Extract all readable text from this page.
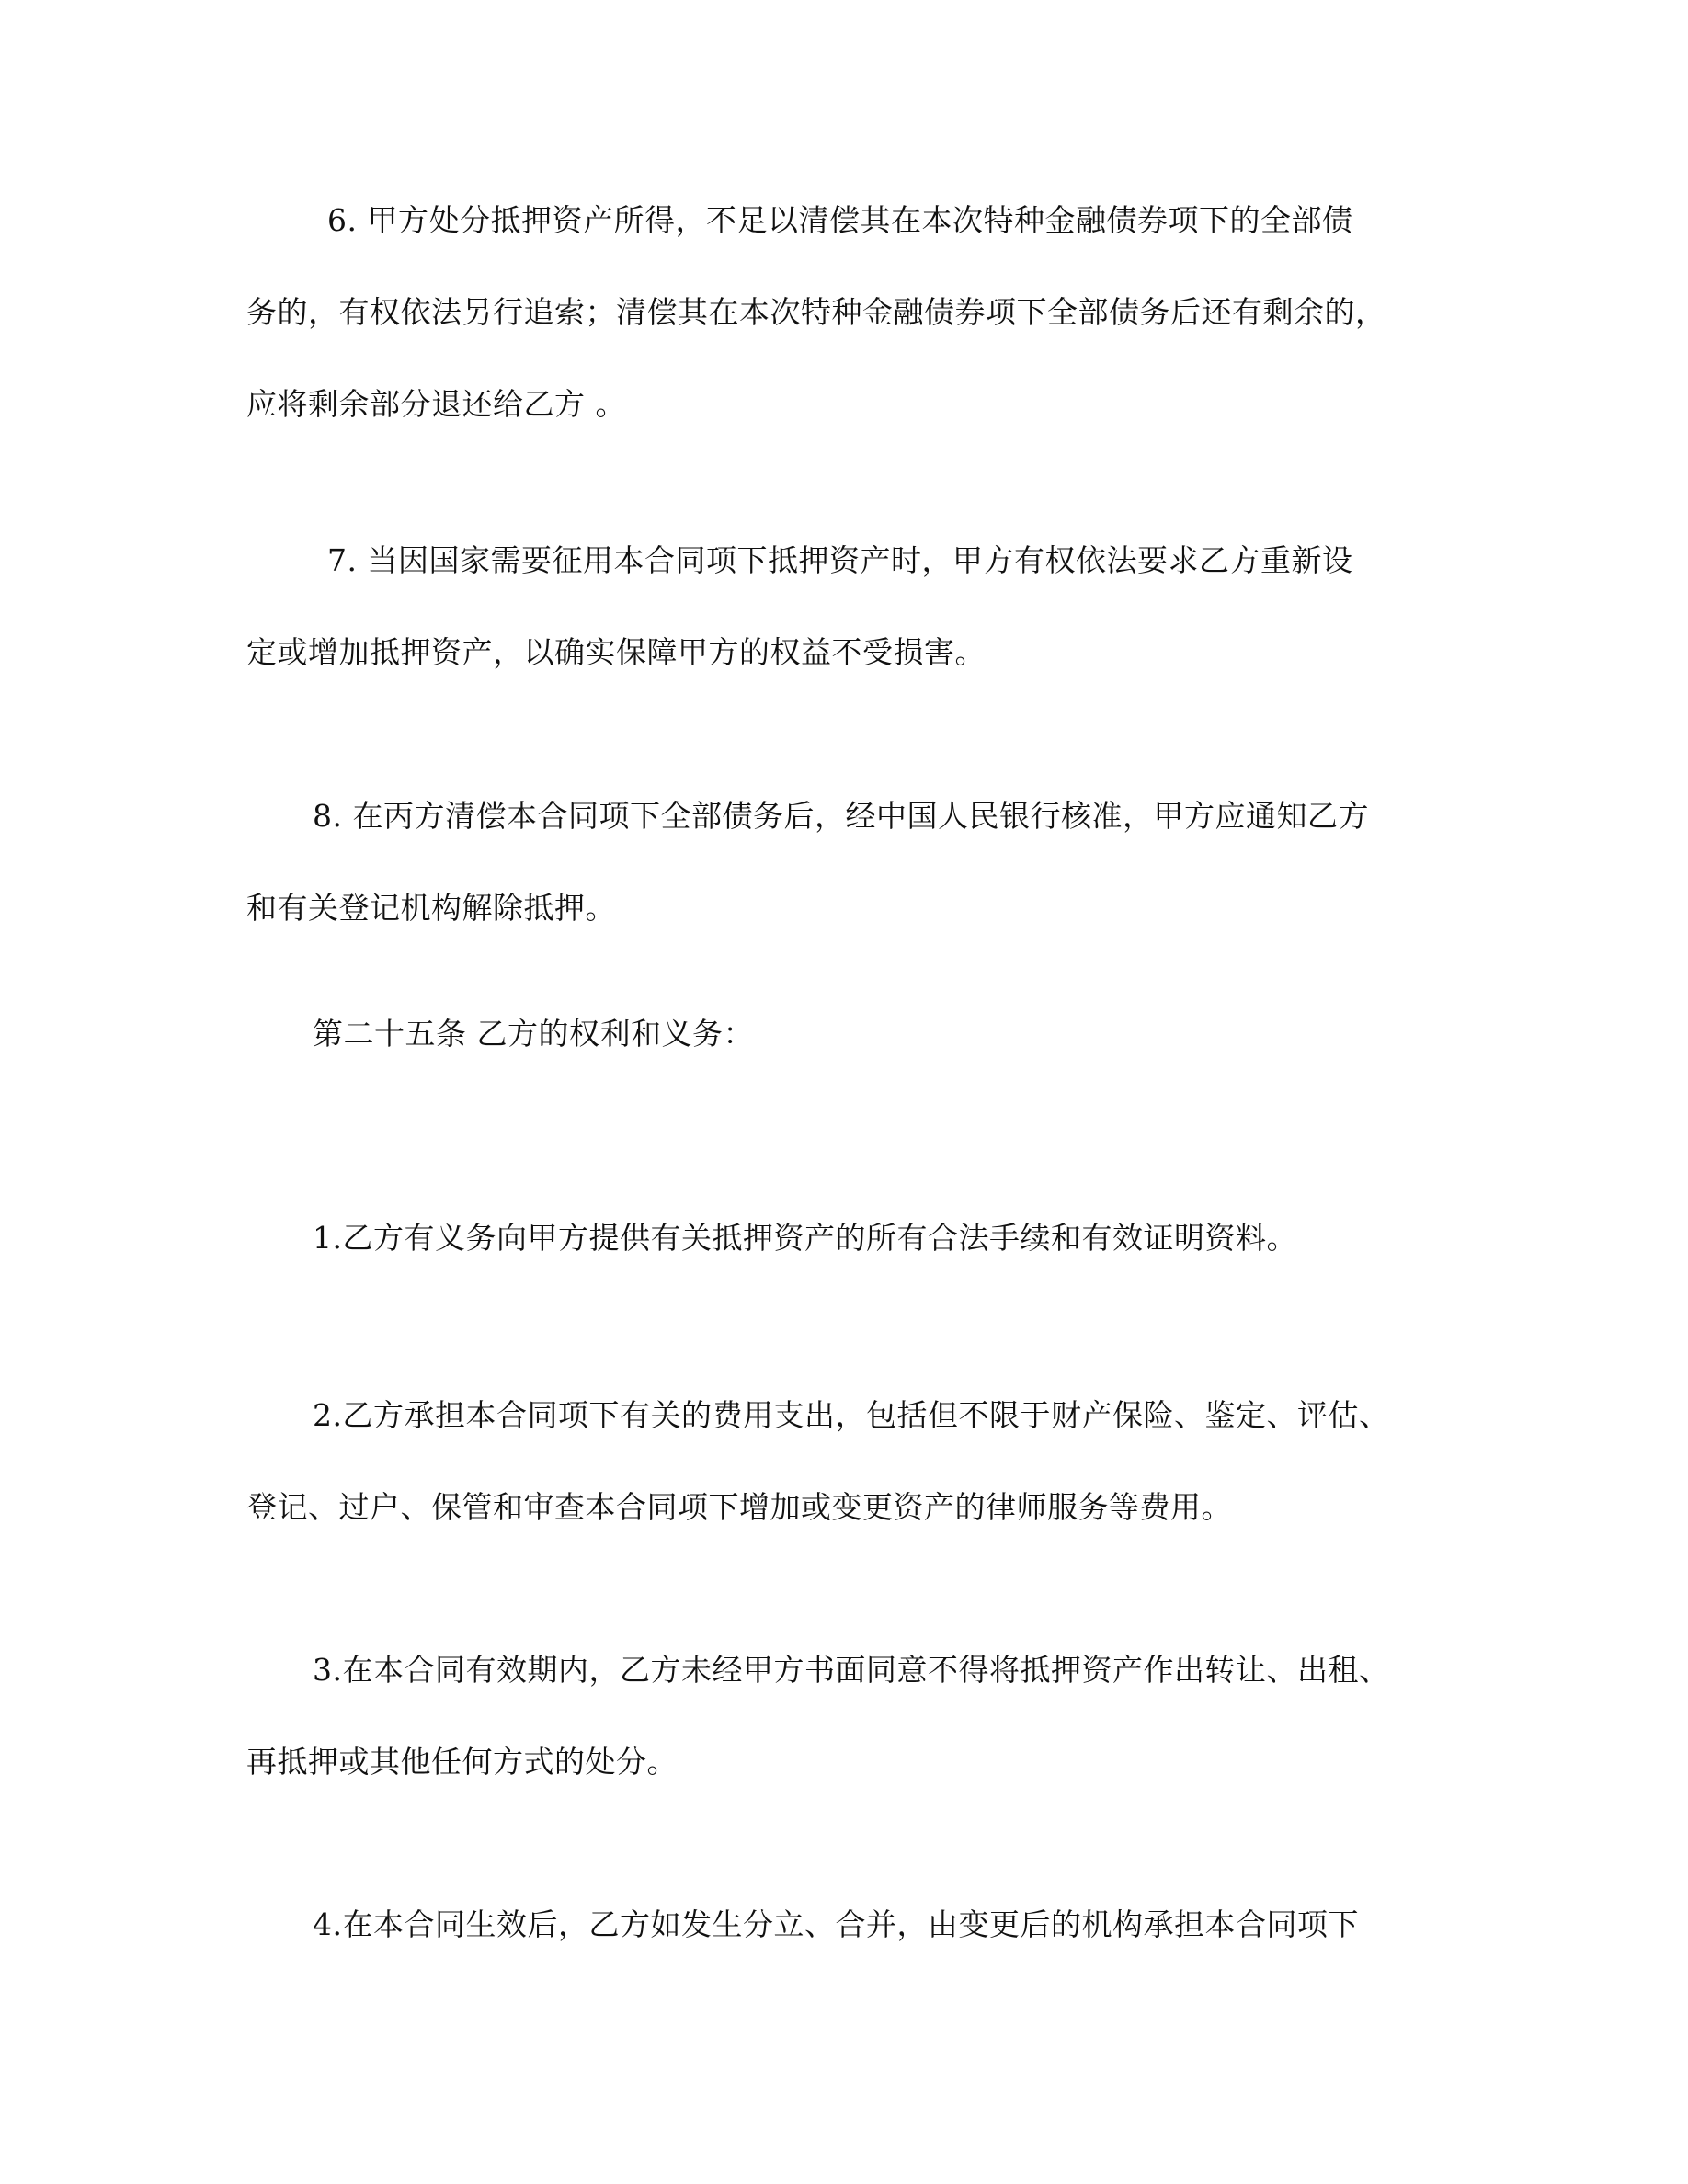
6. 甲方处分抵押资产所得，不足以清偿其在本次特种金融债券项下的全部债
务的，有权依法另行追索；清偿其在本次特种金融债券项下全部债务后还有剩余的，
应将剩余部分退还给乙方 。
7. 当因国家需要征用本合同项下抵押资产时，甲方有权依法要求乙方重新设
定或增加抵押资产，以确实保障甲方的权益不受损害。
8. 在丙方清偿本合同项下全部债务后，经中国人民银行核准，甲方应通知乙方
和有关登记机构解除抵押。
第二十五条 乙方的权利和义务：
1.乙方有义务向甲方提供有关抵押资产的所有合法手续和有效证明资料。
2.乙方承担本合同项下有关的费用支出，包括但不限于财产保险、鉴定、评估、
登记、过户、保管和审查本合同项下增加或变更资产的律师服务等费用。
3.在本合同有效期内，乙方未经甲方书面同意不得将抵押资产作出转让、出租、
再抵押或其他任何方式的处分。
4.在本合同生效后，乙方如发生分立、合并，由变更后的机构承担本合同项下
